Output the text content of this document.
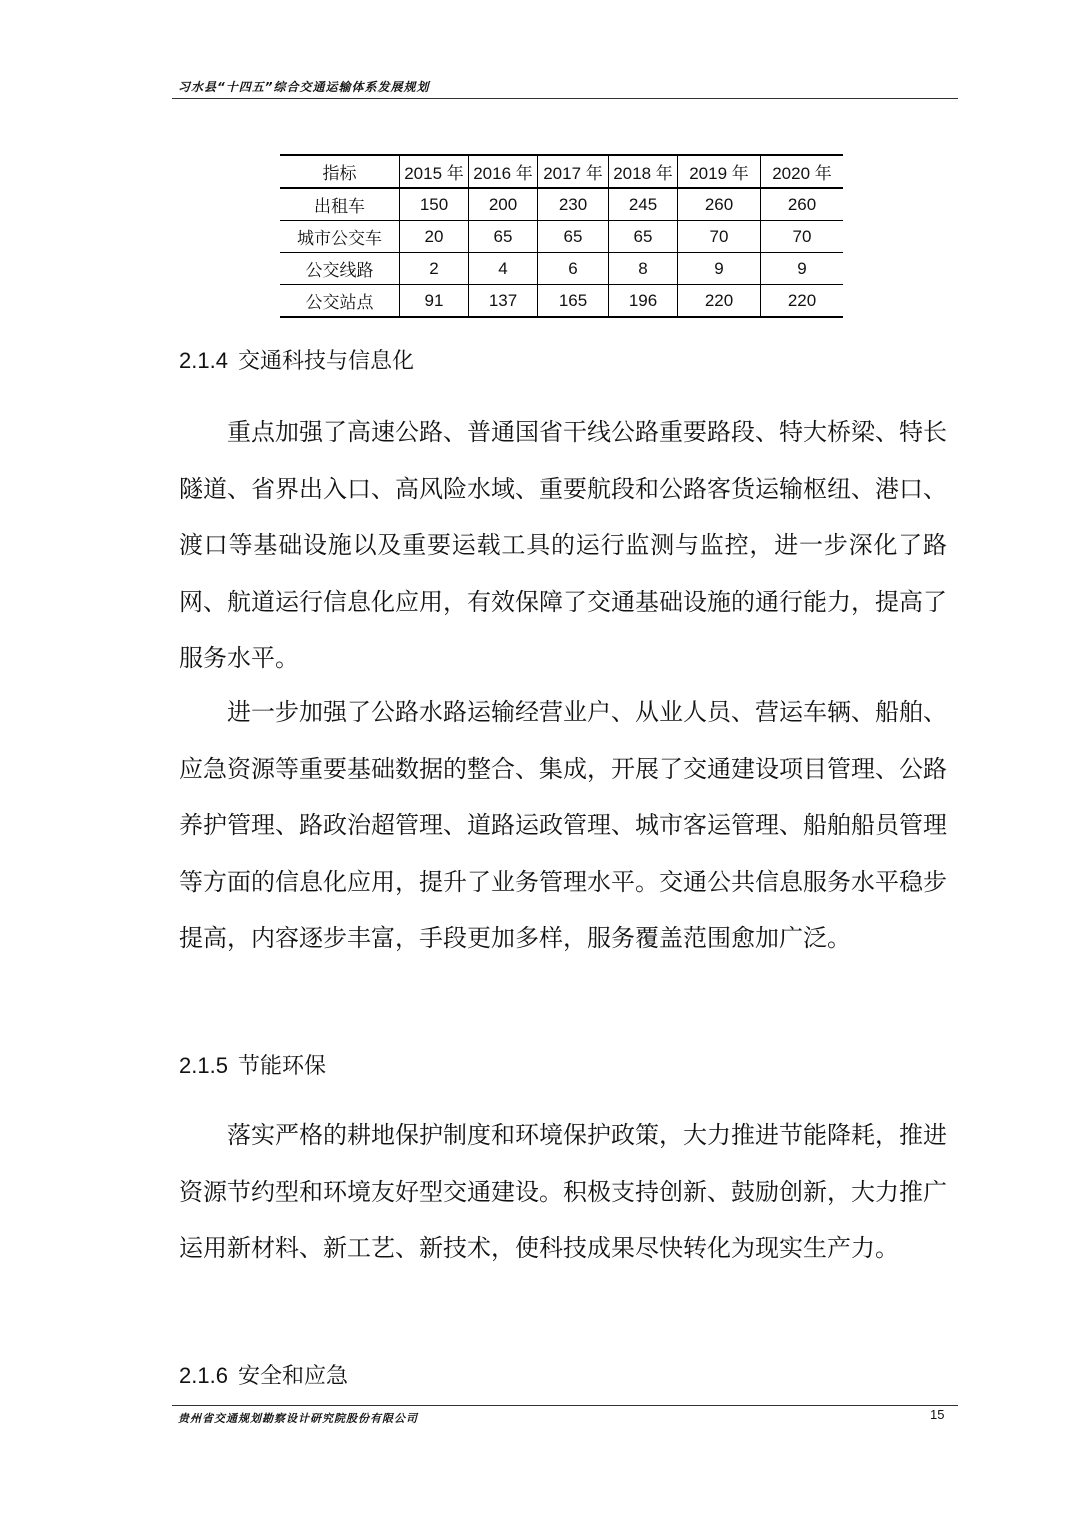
习水县“十四五”综合交通运输体系发展规划
指标	2015 年	2016 年	2017 年	2018 年	2019 年	2020 年
出租车	150	200	230	245	260	260
城市公交车	20	65	65	65	70	70
公交线路	2	4	6	8	9	9
公交站点	91	137	165	196	220	220
2.1.4 交通科技与信息化

重点加强了高速公路、普通国省干线公路重要路段、特大桥梁、特长隧道、省界出入口、高风险水域、重要航段和公路客货运输枢纽、港口、渡口等基础设施以及重要运载工具的运行监测与监控，进一步深化了路网、航道运行信息化应用，有效保障了交通基础设施的通行能力，提高了服务水平。

进一步加强了公路水路运输经营业户、从业人员、营运车辆、船舶、应急资源等重要基础数据的整合、集成，开展了交通建设项目管理、公路养护管理、路政治超管理、道路运政管理、城市客运管理、船舶船员管理等方面的信息化应用，提升了业务管理水平。交通公共信息服务水平稳步提高，内容逐步丰富，手段更加多样，服务覆盖范围愈加广泛。

2.1.5 节能环保

落实严格的耕地保护制度和环境保护政策，大力推进节能降耗，推进资源节约型和环境友好型交通建设。积极支持创新、鼓励创新，大力推广运用新材料、新工艺、新技术，使科技成果尽快转化为现实生产力。

2.1.6 安全和应急
贵州省交通规划勘察设计研究院股份有限公司	15
